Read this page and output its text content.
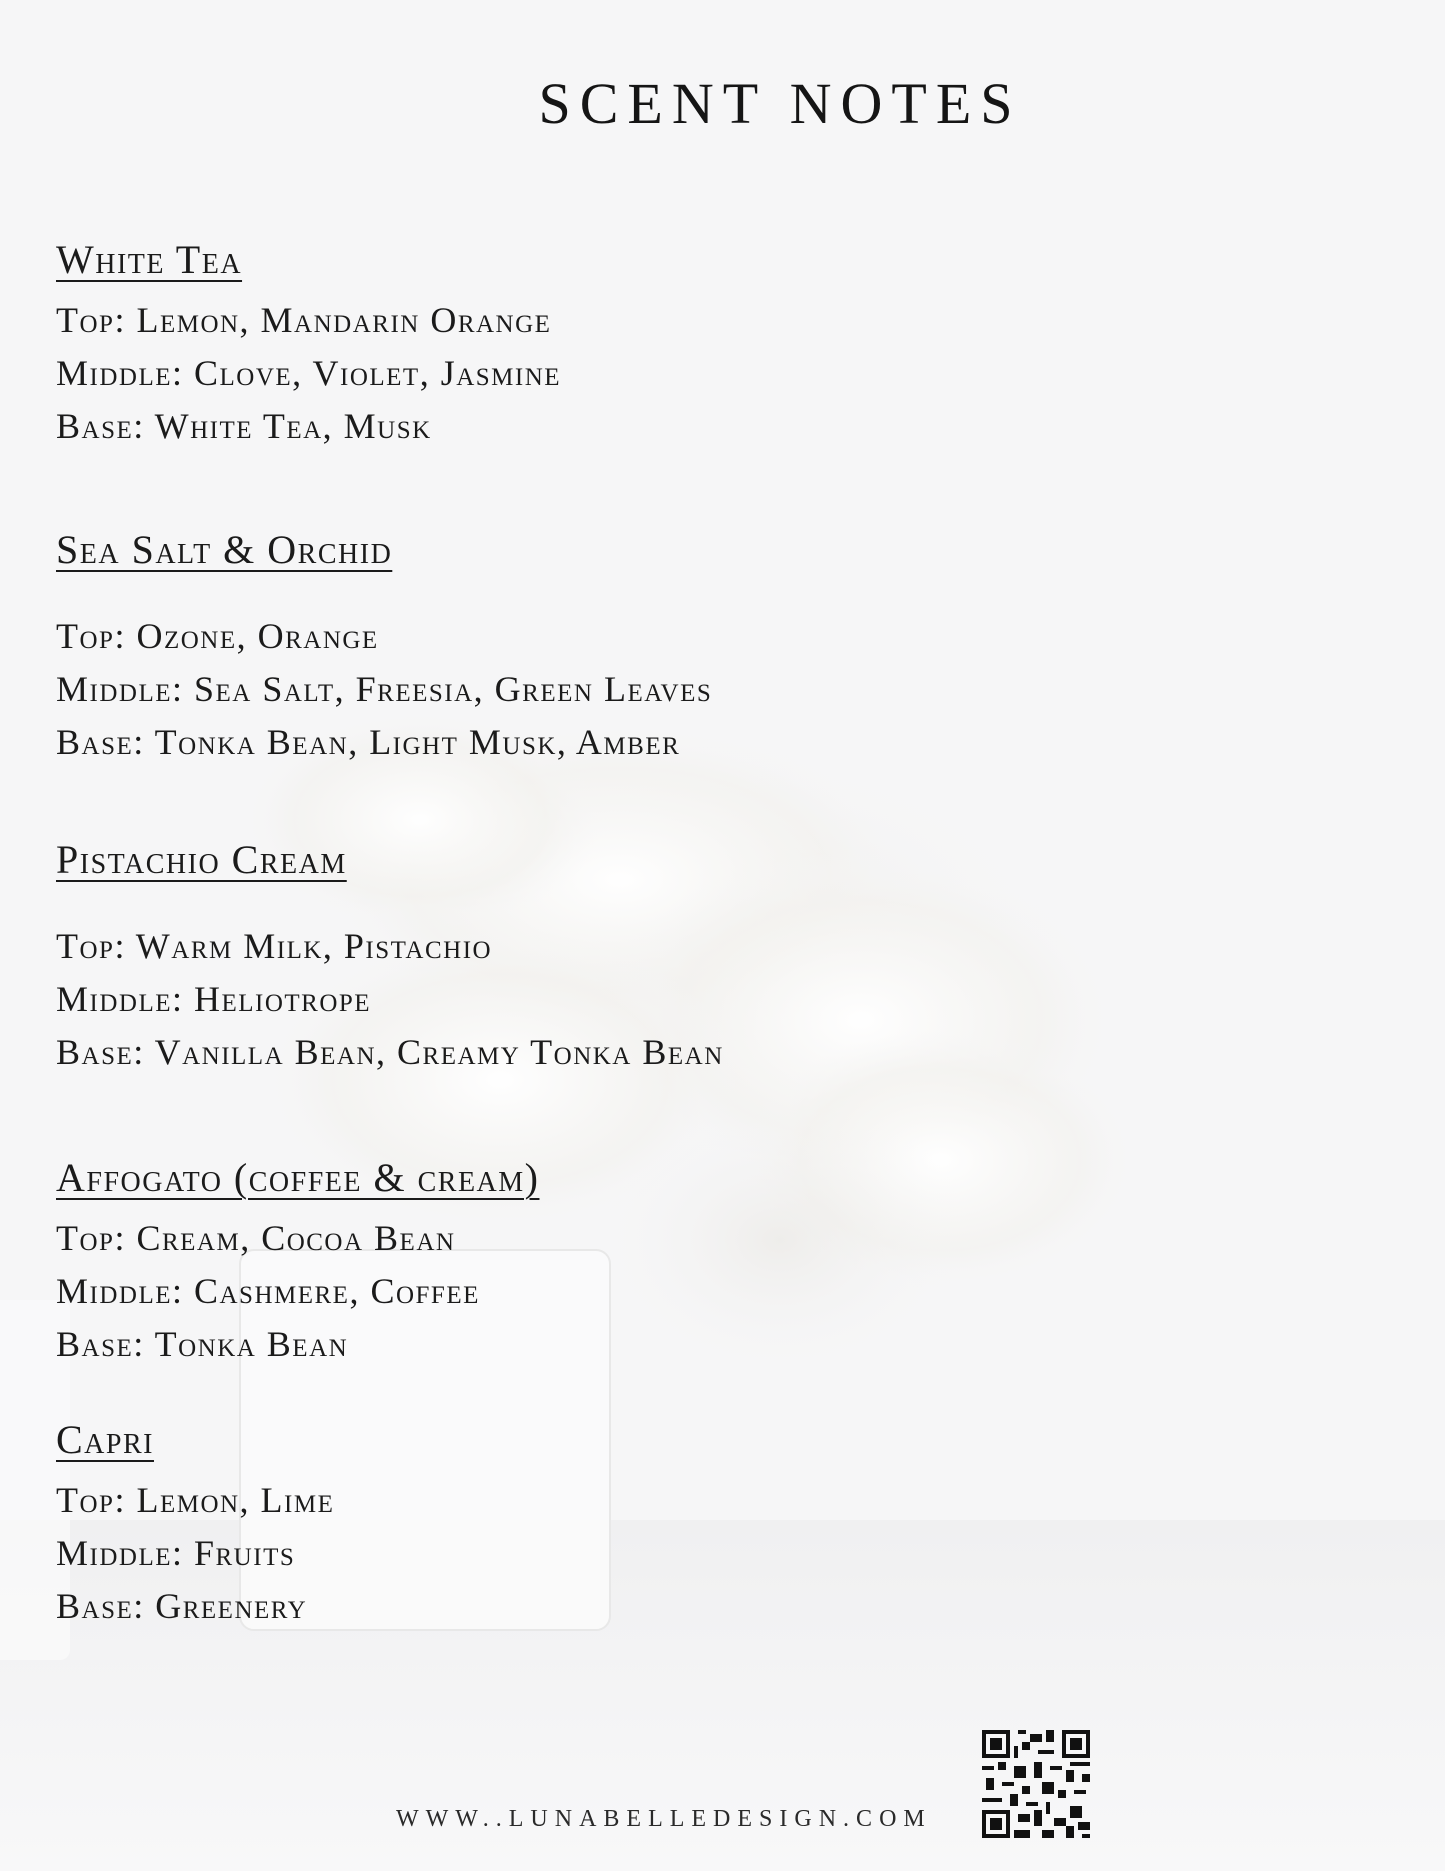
SCENT NOTES
White Tea
Top: Lemon, Mandarin Orange
Middle: Clove, Violet, Jasmine
Base: White Tea, Musk
Sea Salt & Orchid
Top: Ozone, Orange
Middle: Sea Salt, Freesia, Green Leaves
Base: Tonka Bean, Light Musk, Amber
Pistachio Cream
Top: Warm Milk, Pistachio
Middle: Heliotrope
Base: Vanilla Bean, Creamy Tonka Bean
Affogato (coffee & cream)
Top: Cream, Cocoa Bean
Middle: Cashmere, Coffee
Base: Tonka Bean
Capri
Top: Lemon, Lime
Middle: Fruits
Base: Greenery
WWW..LUNABELLEDESIGN.COM
